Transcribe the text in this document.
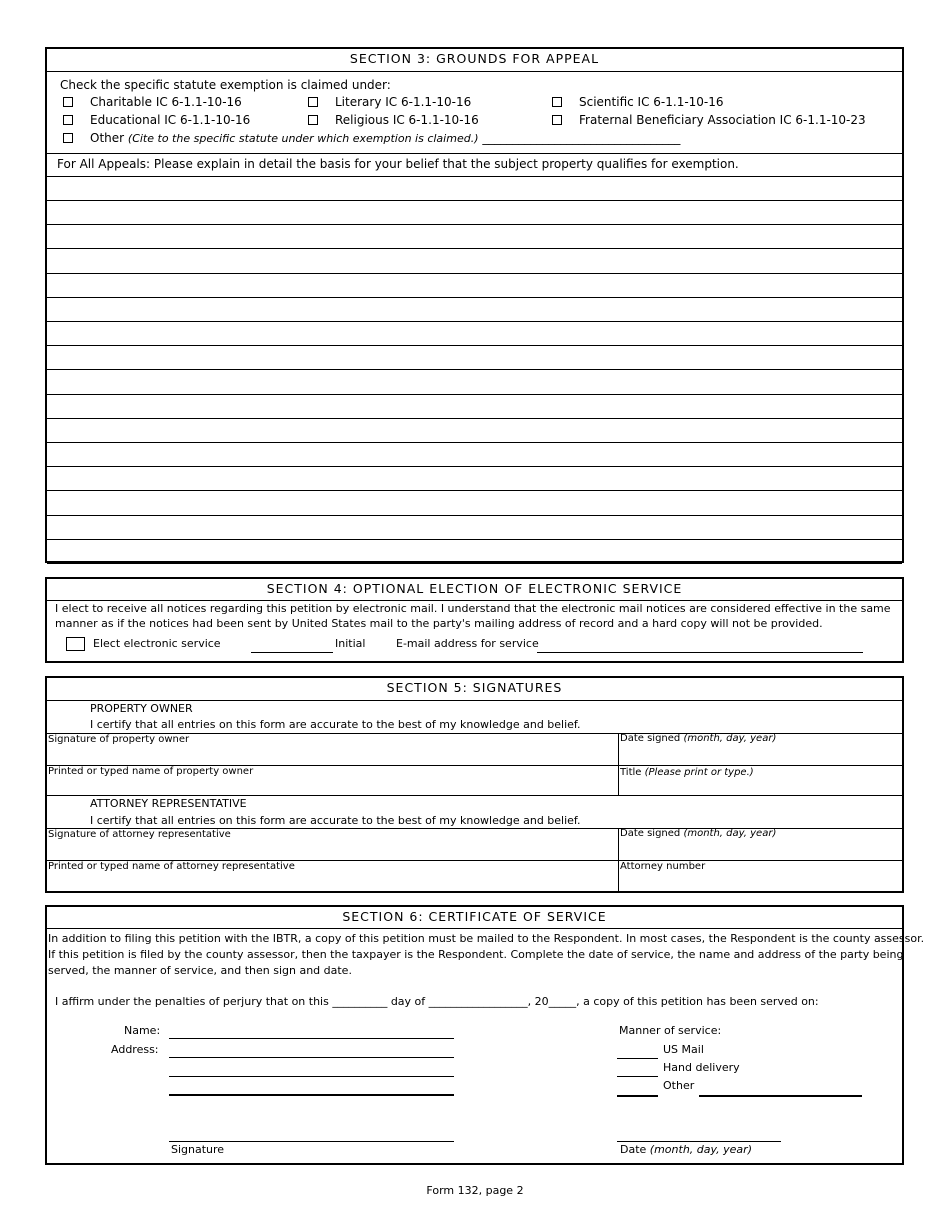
SECTION 3: GROUNDS FOR APPEAL
Check the specific statute exemption is claimed under:
Charitable IC 6-1.1-10-16	Literary IC 6-1.1-10-16	Scientific IC 6-1.1-10-16
Educational IC 6-1.1-10-16	Religious IC 6-1.1-10-16	Fraternal Beneficiary Association IC 6-1.1-10-23
Other (Cite to the specific statute under which exemption is claimed.) _________________________________
For All Appeals: Please explain in detail the basis for your belief that the subject property qualifies for exemption.
SECTION 4: OPTIONAL ELECTION OF ELECTRONIC SERVICE
I elect to receive all notices regarding this petition by electronic mail. I understand that the electronic mail notices are considered effective in the same
manner as if the notices had been sent by United States mail to the party's mailing address of record and a hard copy will not be provided.
Elect electronic service	Initial	E-mail address for service
SECTION 5: SIGNATURES
PROPERTY OWNER
I certify that all entries on this form are accurate to the best of my knowledge and belief.
Signature of property owner	Date signed (month, day, year)
Printed or typed name of property owner	Title (Please print or type.)
ATTORNEY REPRESENTATIVE
I certify that all entries on this form are accurate to the best of my knowledge and belief.
Signature of attorney representative	Date signed (month, day, year)
Printed or typed name of attorney representative	Attorney number
SECTION 6: CERTIFICATE OF SERVICE
In addition to filing this petition with the IBTR, a copy of this petition must be mailed to the Respondent. In most cases, the Respondent is the county assessor.
If this petition is filed by the county assessor, then the taxpayer is the Respondent. Complete the date of service, the name and address of the party being
served, the manner of service, and then sign and date.
I affirm under the penalties of perjury that on this __________ day of __________________, 20_____, a copy of this petition has been served on:
Name:
Address:
Manner of service:
US Mail
Hand delivery
Other
Signature	Date (month, day, year)
Form 132, page 2
